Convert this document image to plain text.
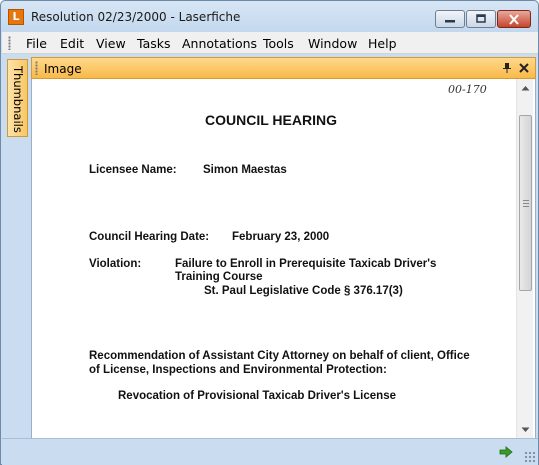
L Resolution 02/23/2000 - Laserfiche
File Edit View Tasks Annotations Tools Window Help
Thumbnails Image
00-170
COUNCIL HEARING
Licensee Name: Simon Maestas
Council Hearing Date: February 23, 2000
Violation:	Failure to Enroll in Prerequisite Taxicab Driver's
Training Course
St. Paul Legislative Code § 376.17(3)
Recommendation of Assistant City Attorney on behalf of client, Office
of License, Inspections and Environmental Protection:
Revocation of Provisional Taxicab Driver's License
